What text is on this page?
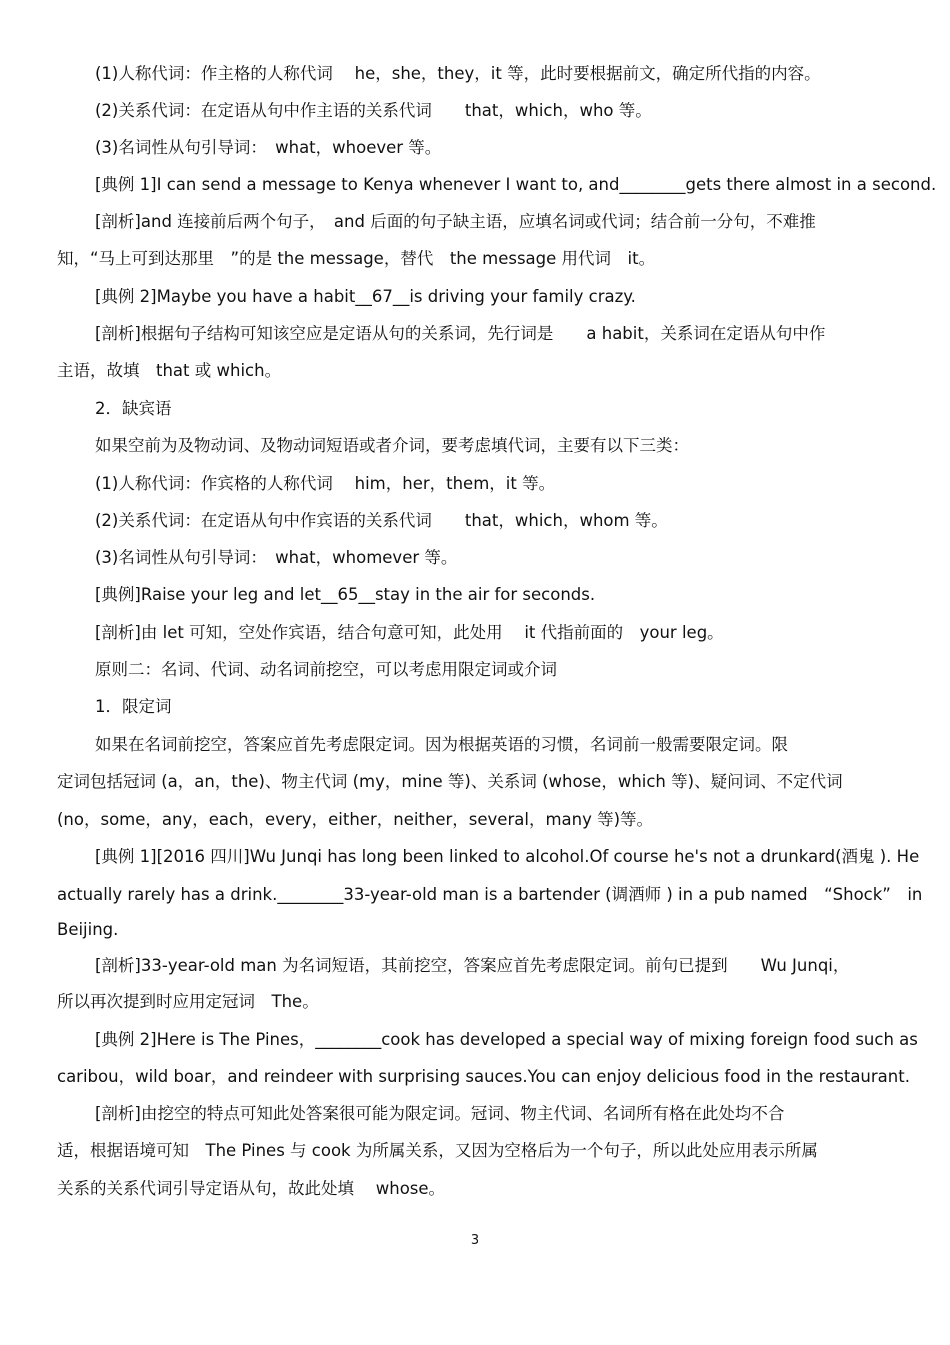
(1)人称代词：作主格的人称代词　 he，she，they，it 等，此时要根据前文，确定所代指的内容。
(2)关系代词：在定语从句中作主语的关系代词　　that，which，who 等。
(3)名词性从句引导词：　what，whoever 等。
[典例 1]I can send a message to Kenya whenever I want to, and________gets there almost in a second.
[剖析]and 连接前后两个句子，　and 后面的句子缺主语，应填名词或代词；结合前一分句，不难推
知，“马上可到达那里　”的是 the message，替代　the message 用代词　it。
[典例 2]Maybe you have a habit__67__is driving your family crazy.
[剖析]根据句子结构可知该空应是定语从句的关系词，先行词是　　a habit，关系词在定语从句中作
主语，故填　that 或 which。
2．缺宾语
如果空前为及物动词、及物动词短语或者介词，要考虑填代词，主要有以下三类：
(1)人称代词：作宾格的人称代词　 him，her，them，it 等。
(2)关系代词：在定语从句中作宾语的关系代词　　that，which，whom 等。
(3)名词性从句引导词：　what，whomever 等。
[典例]Raise your leg and let__65__stay in the air for seconds.
[剖析]由 let 可知，空处作宾语，结合句意可知，此处用　 it 代指前面的　your leg。
原则二：名词、代词、动名词前挖空，可以考虑用限定词或介词
1．限定词
如果在名词前挖空，答案应首先考虑限定词。因为根据英语的习惯，名词前一般需要限定词。限
定词包括冠词 (a，an，the)、物主代词 (my，mine 等)、关系词 (whose，which 等)、疑问词、不定代词
(no，some，any，each，every，either，neither，several，many 等)等。
[典例 1][2016 四川]Wu Junqi has long been linked to alcohol.Of course he's not a drunkard(酒鬼 ). He
actually rarely has a drink.________33-year-old man is a bartender (调酒师 ) in a pub named　“Shock”　in
Beijing.
[剖析]33-year-old man 为名词短语，其前挖空，答案应首先考虑限定词。前句已提到　　Wu Junqi，
所以再次提到时应用定冠词　The。
[典例 2]Here is The Pines，________cook has developed a special way of mixing foreign food such as
caribou，wild boar，and reindeer with surprising sauces.You can enjoy delicious food in the restaurant.
[剖析]由挖空的特点可知此处答案很可能为限定词。冠词、物主代词、名词所有格在此处均不合
适，根据语境可知　The Pines 与 cook 为所属关系，又因为空格后为一个句子，所以此处应用表示所属
关系的关系代词引导定语从句，故此处填　 whose。
3
